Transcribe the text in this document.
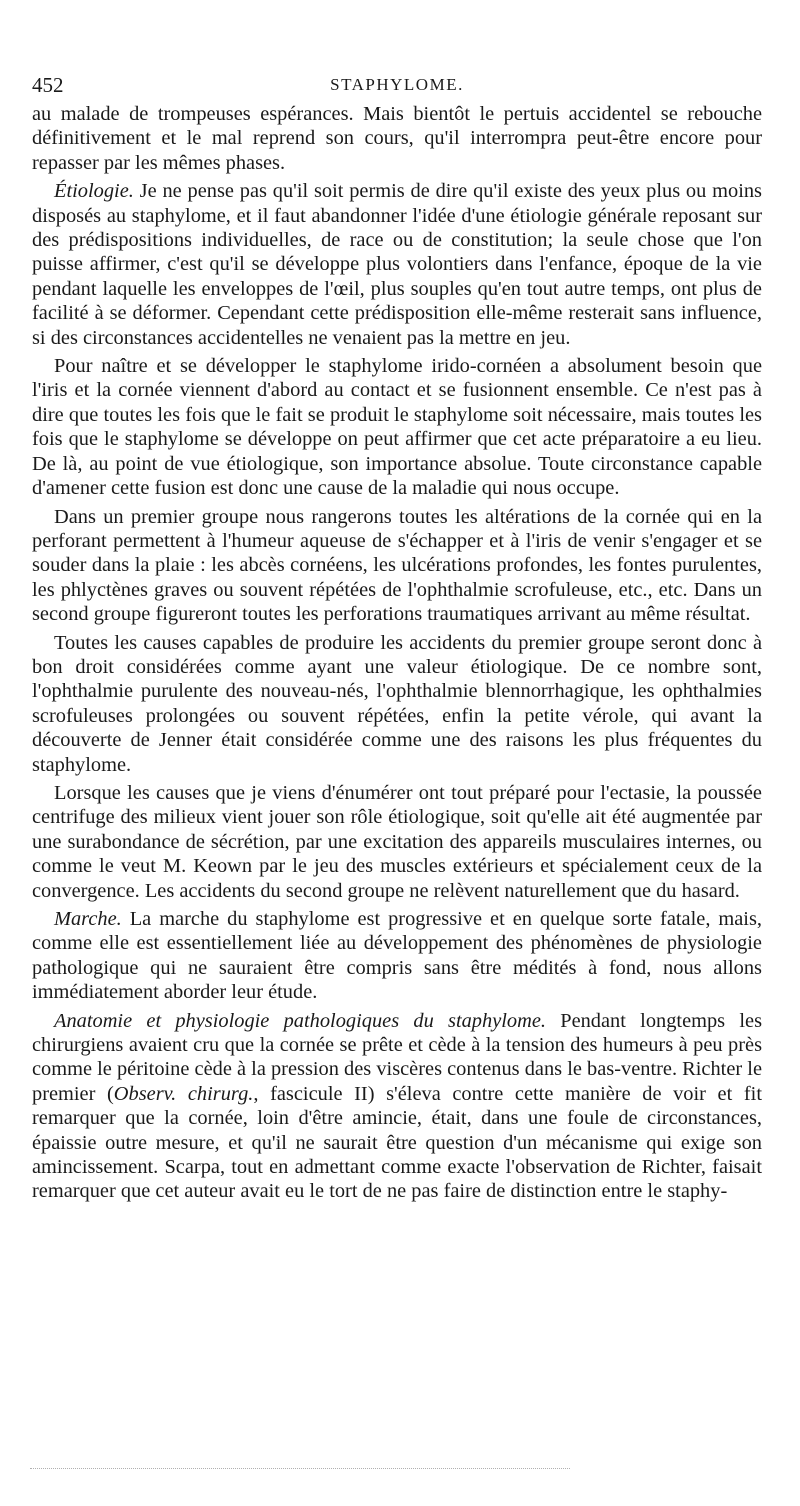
452	STAPHYLOME.

au malade de trompeuses espérances. Mais bientôt le pertuis accidentel se rebouche définitivement et le mal reprend son cours, qu'il interrompra peut-être encore pour repasser par les mêmes phases.

Étiologie. Je ne pense pas qu'il soit permis de dire qu'il existe des yeux plus ou moins disposés au staphylome, et il faut abandonner l'idée d'une étiologie générale reposant sur des prédispositions individuelles, de race ou de constitution; la seule chose que l'on puisse affirmer, c'est qu'il se développe plus volontiers dans l'enfance, époque de la vie pendant laquelle les enveloppes de l'œil, plus souples qu'en tout autre temps, ont plus de facilité à se déformer. Cependant cette prédisposition elle-même resterait sans influence, si des circonstances accidentelles ne venaient pas la mettre en jeu.

Pour naître et se développer le staphylome irido-cornéen a absolument besoin que l'iris et la cornée viennent d'abord au contact et se fusionnent ensemble. Ce n'est pas à dire que toutes les fois que le fait se produit le staphylome soit nécessaire, mais toutes les fois que le staphylome se développe on peut affirmer que cet acte préparatoire a eu lieu. De là, au point de vue étiologique, son importance absolue. Toute circonstance capable d'amener cette fusion est donc une cause de la maladie qui nous occupe.

Dans un premier groupe nous rangerons toutes les altérations de la cornée qui en la perforant permettent à l'humeur aqueuse de s'échapper et à l'iris de venir s'engager et se souder dans la plaie : les abcès cornéens, les ulcérations profondes, les fontes purulentes, les phlyctènes graves ou souvent répétées de l'ophthalmie scrofuleuse, etc., etc. Dans un second groupe figureront toutes les perforations traumatiques arrivant au même résultat.

Toutes les causes capables de produire les accidents du premier groupe seront donc à bon droit considérées comme ayant une valeur étiologique. De ce nombre sont, l'ophthalmie purulente des nouveau-nés, l'ophthalmie blennorrhagique, les ophthalmies scrofuleuses prolongées ou souvent répétées, enfin la petite vérole, qui avant la découverte de Jenner était considérée comme une des raisons les plus fréquentes du staphylome.

Lorsque les causes que je viens d'énumérer ont tout préparé pour l'ectasie, la poussée centrifuge des milieux vient jouer son rôle étiologique, soit qu'elle ait été augmentée par une surabondance de sécrétion, par une excitation des appareils musculaires internes, ou comme le veut M. Keown par le jeu des muscles extérieurs et spécialement ceux de la convergence. Les accidents du second groupe ne relèvent naturellement que du hasard.

Marche. La marche du staphylome est progressive et en quelque sorte fatale, mais, comme elle est essentiellement liée au développement des phénomènes de physiologie pathologique qui ne sauraient être compris sans être médités à fond, nous allons immédiatement aborder leur étude.

Anatomie et physiologie pathologiques du staphylome. Pendant longtemps les chirurgiens avaient cru que la cornée se prête et cède à la tension des humeurs à peu près comme le péritoine cède à la pression des viscères contenus dans le bas-ventre. Richter le premier (Observ. chirurg., fascicule II) s'éleva contre cette manière de voir et fit remarquer que la cornée, loin d'être amincie, était, dans une foule de circonstances, épaissie outre mesure, et qu'il ne saurait être question d'un mécanisme qui exige son amincissement. Scarpa, tout en admettant comme exacte l'observation de Richter, faisait remarquer que cet auteur avait eu le tort de ne pas faire de distinction entre le staphy-
